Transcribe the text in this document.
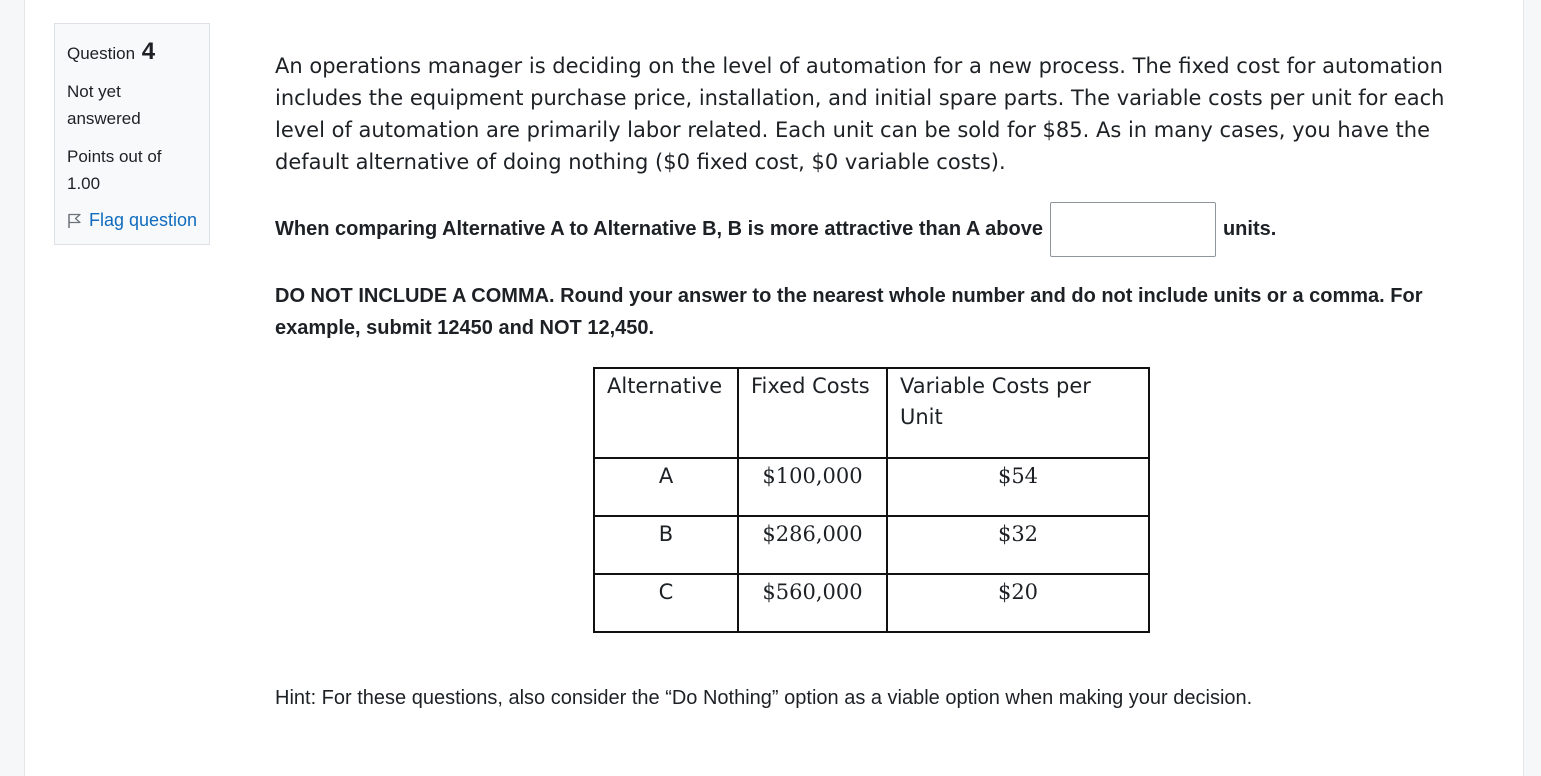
Question 4
Not yet answered
Points out of 1.00
Flag question

An operations manager is deciding on the level of automation for a new process. The fixed cost for automation includes the equipment purchase price, installation, and initial spare parts. The variable costs per unit for each level of automation are primarily labor related. Each unit can be sold for $85. As in many cases, you have the default alternative of doing nothing ($0 fixed cost, $0 variable costs).

When comparing Alternative A to Alternative B, B is more attractive than A above	units.
DO NOT INCLUDE A COMMA. Round your answer to the nearest whole number and do not include units or a comma. For example, submit 12450 and NOT 12,450.
Alternative	Fixed Costs	Variable Costs per Unit
A	$100,000	$54
B	$286,000	$32
C	$560,000	$20
Hint: For these questions, also consider the “Do Nothing” option as a viable option when making your decision.
